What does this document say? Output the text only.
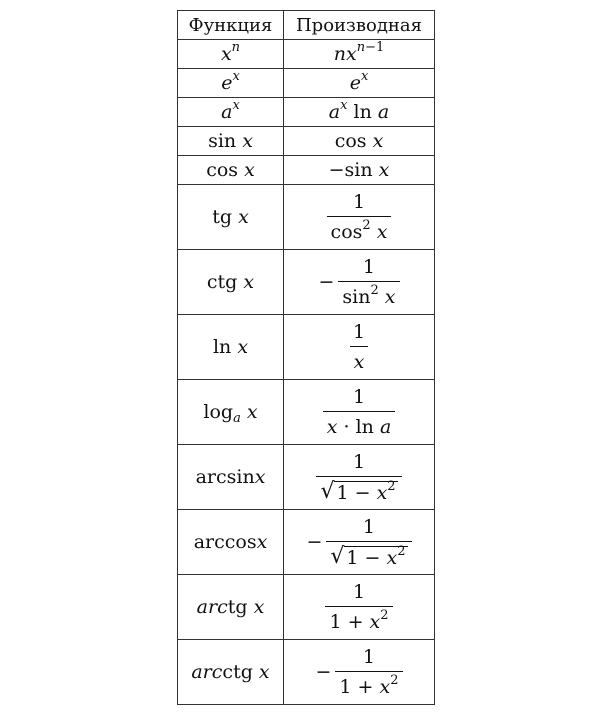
Функция	Производная
$x^n$	$nx^{n-1}$
$e^x$	$e^x$
$a^x$	$a^x$ ln a
sin x	cos x
cos x	−sin x
tg x	$\frac{1}{\cos^2 x}$

ctg x	− $\frac{1}{\sin^2 x}$

ln x	$\frac{1}{x}$

$\log_a x$	$\frac{1}{\text{x · ln a}}$

arcsinx	$\frac{1}{√ 1 - x^2}$

arccosx	− $\frac{1}{√ 1 - x^2}$

arctg x	$\frac{1}{1 + x^2}$

arcctg x	− $\frac{1}{1 + x^2}$
